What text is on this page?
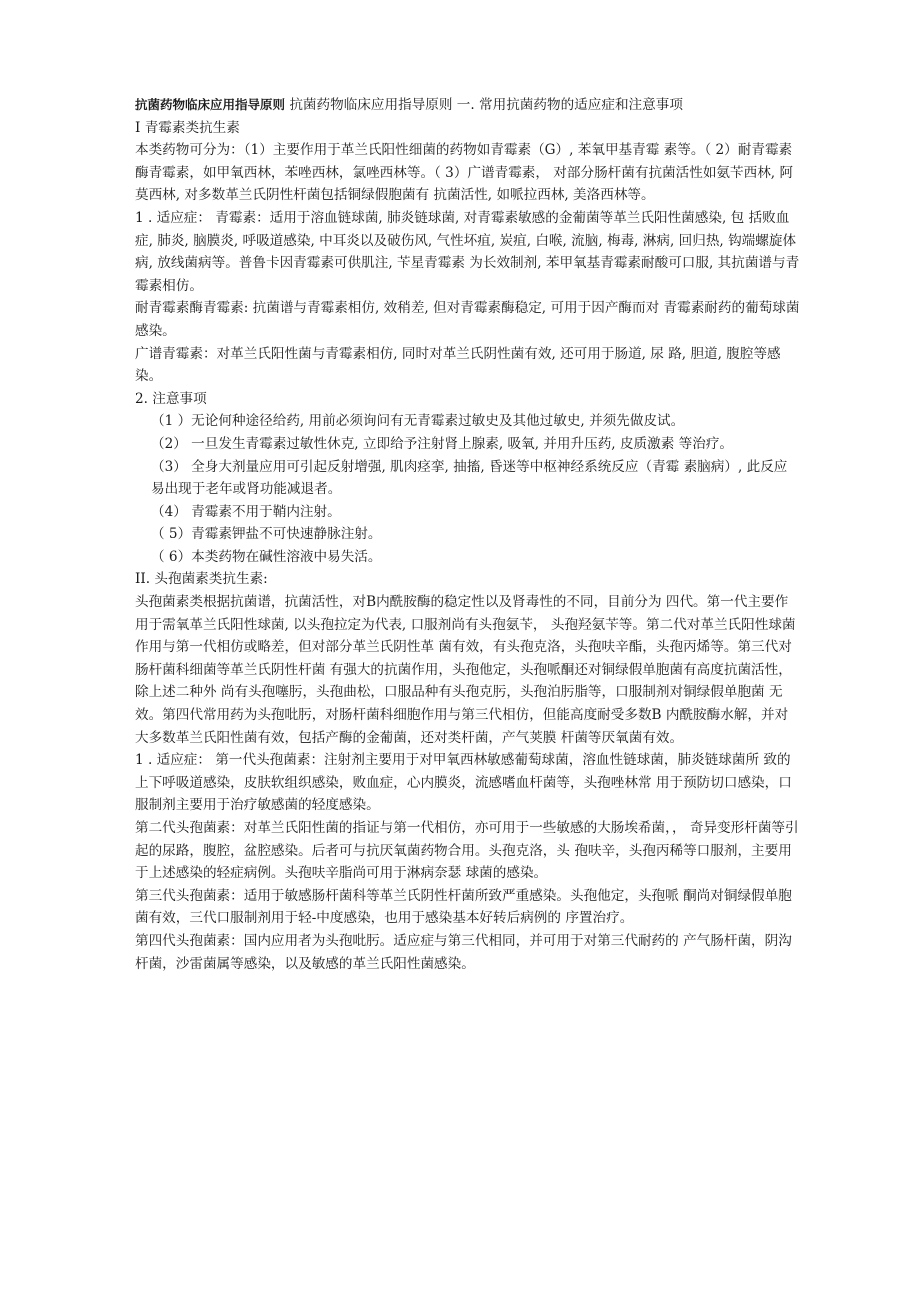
抗菌药物临床应用指导原则 抗菌药物临床应用指导原则 一. 常用抗菌药物的适应症和注意事项

I 青霉素类抗生素

本类药物可分为：（1）主要作用于革兰氏阳性细菌的药物如青霉素（G）, 苯氧甲基青霉 素等。（ 2）耐青霉素酶青霉素，如甲氧西林，苯唑西林，氯唑西林等。（ 3）广谱青霉素， 对部分肠杆菌有抗菌活性如氨苄西林, 阿莫西林, 对多数革兰氏阴性杆菌包括铜绿假胞菌有 抗菌活性, 如哌拉西林, 美洛西林等。

1 . 适应症： 青霉素：适用于溶血链球菌, 肺炎链球菌, 对青霉素敏感的金葡菌等革兰氏阳性菌感染, 包 括败血症, 肺炎, 脑膜炎, 呼吸道感染, 中耳炎以及破伤风, 气性坏疽, 炭疽, 白喉, 流脑, 梅毒, 淋病, 回归热, 钩端螺旋体病, 放线菌病等。普鲁卡因青霉素可供肌注, 苄星青霉素 为长效制剂, 苯甲氧基青霉素耐酸可口服, 其抗菌谱与青霉素相仿。

耐青霉素酶青霉素: 抗菌谱与青霉素相仿, 效稍差, 但对青霉素酶稳定, 可用于因产酶而对 青霉素耐药的葡萄球菌感染。

广谱青霉素：对革兰氏阳性菌与青霉素相仿, 同时对革兰氏阴性菌有效, 还可用于肠道, 尿 路, 胆道, 腹腔等感染。

2. 注意事项

（1 ）无论何种途径给药, 用前必须询问有无青霉素过敏史及其他过敏史, 并须先做皮试。

（2） 一旦发生青霉素过敏性休克, 立即给予注射肾上腺素, 吸氧, 并用升压药, 皮质激素 等治疗。

（3） 全身大剂量应用可引起反射增强, 肌肉痉挛, 抽搐, 昏迷等中枢神经系统反应（青霉 素脑病）, 此反应易出现于老年或肾功能减退者。

（4） 青霉素不用于鞘内注射。

（ 5）青霉素钾盐不可快速静脉注射。

（ 6）本类药物在碱性溶液中易失活。

II. 头孢菌素类抗生素:

头孢菌素类根据抗菌谱，抗菌活性，对B内酰胺酶的稳定性以及肾毒性的不同，目前分为 四代。第一代主要作用于需氧革兰氏阳性球菌, 以头孢拉定为代表, 口服剂尚有头孢氨苄， 头孢羟氨苄等。第二代对革兰氏阳性球菌作用与第一代相仿或略差，但对部分革兰氏阴性革 菌有效，有头孢克洛，头孢呋辛酯，头孢丙烯等。第三代对肠杆菌科细菌等革兰氏阴性杆菌 有强大的抗菌作用，头孢他定，头孢哌酮还对铜绿假单胞菌有高度抗菌活性，除上述二种外 尚有头孢噻肟，头孢曲松，口服品种有头孢克肟，头孢泊肟脂等，口服制剂对铜绿假单胞菌 无效。第四代常用药为头孢吡肟，对肠杆菌科细胞作用与第三代相仿，但能高度耐受多数B 内酰胺酶水解，并对大多数革兰氏阳性菌有效，包括产酶的金葡菌，还对类杆菌，产气荚膜 杆菌等厌氧菌有效。

1 . 适应症： 第一代头孢菌素：注射剂主要用于对甲氧西林敏感葡萄球菌，溶血性链球菌，肺炎链球菌所 致的上下呼吸道感染，皮肤软组织感染，败血症，心内膜炎，流感嗜血杆菌等，头孢唑林常 用于预防切口感染，口服制剂主要用于治疗敏感菌的轻度感染。

第二代头孢菌素：对革兰氏阳性菌的指证与第一代相仿，亦可用于一些敏感的大肠埃希菌，， 奇异变形杆菌等引起的尿路，腹腔，盆腔感染。后者可与抗厌氧菌药物合用。头孢克洛，头 孢呋辛，头孢丙稀等口服剂，主要用于上述感染的轻症病例。头孢呋辛脂尚可用于淋病奈瑟 球菌的感染。

第三代头孢菌素：适用于敏感肠杆菌科等革兰氏阴性杆菌所致严重感染。头孢他定，头孢哌 酮尚对铜绿假单胞菌有效，三代口服制剂用于轻-中度感染，也用于感染基本好转后病例的 序置治疗。

第四代头孢菌素：国内应用者为头孢吡肟。适应症与第三代相同，并可用于对第三代耐药的 产气肠杆菌，阴沟杆菌，沙雷菌属等感染，以及敏感的革兰氏阳性菌感染。
